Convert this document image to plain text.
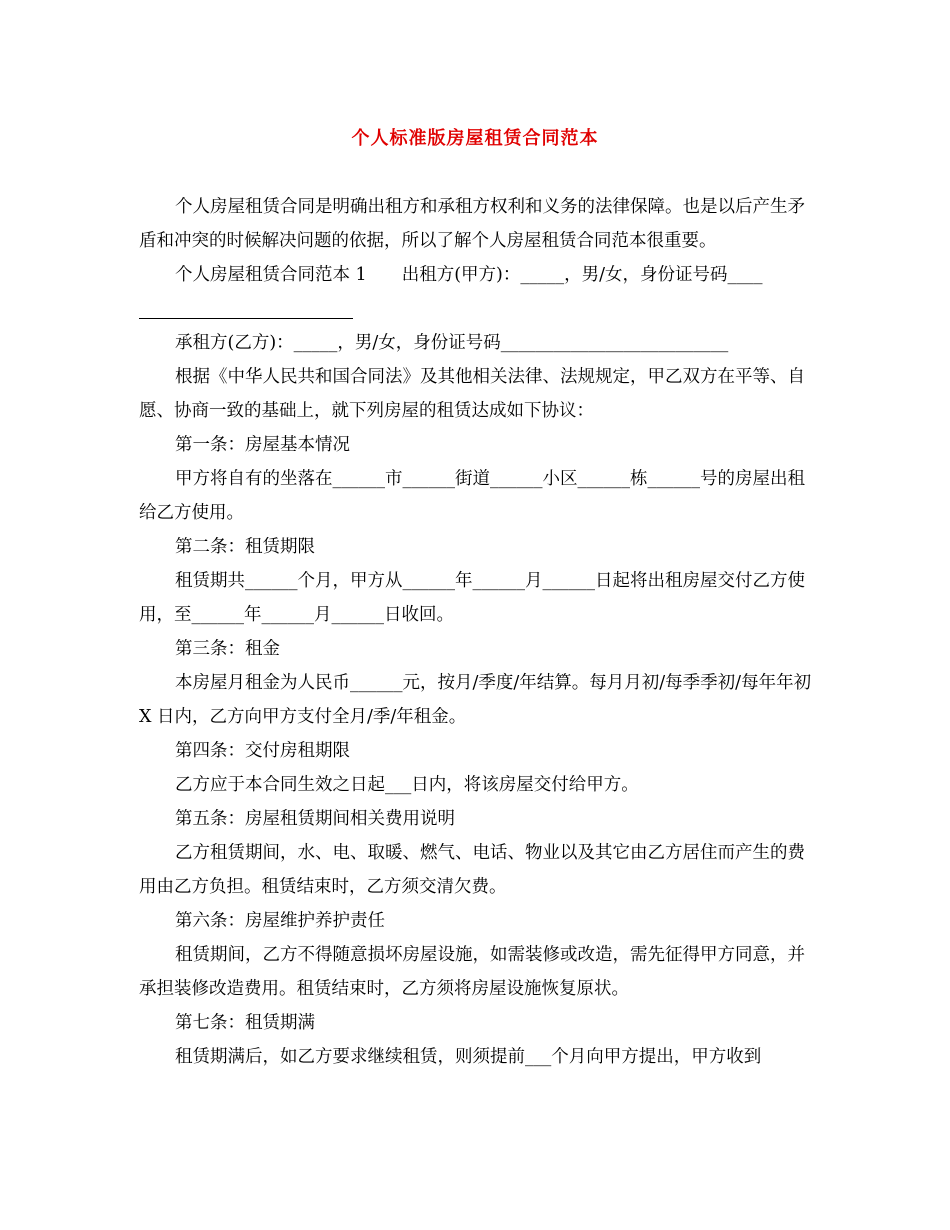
个人标准版房屋租赁合同范本

个人房屋租赁合同是明确出租方和承租方权利和义务的法律保障。也是以后产生矛盾和冲突的时候解决问题的依据，所以了解个人房屋租赁合同范本很重要。

个人房屋租赁合同范本 1　　出租方(甲方)：_____，男/女，身份证号码____

承租方(乙方)：_____，男/女，身份证号码__________________________

根据《中华人民共和国合同法》及其他相关法律、法规规定，甲乙双方在平等、自愿、协商一致的基础上，就下列房屋的租赁达成如下协议：

第一条：房屋基本情况

甲方将自有的坐落在______市______街道______小区______栋______号的房屋出租给乙方使用。

第二条：租赁期限

租赁期共______个月，甲方从______年______月______日起将出租房屋交付乙方使用，至______年______月______日收回。

第三条：租金

本房屋月租金为人民币______元，按月/季度/年结算。每月月初/每季季初/每年年初 X 日内，乙方向甲方支付全月/季/年租金。

第四条：交付房租期限

乙方应于本合同生效之日起___日内，将该房屋交付给甲方。

第五条：房屋租赁期间相关费用说明

乙方租赁期间，水、电、取暖、燃气、电话、物业以及其它由乙方居住而产生的费用由乙方负担。租赁结束时，乙方须交清欠费。

第六条：房屋维护养护责任

租赁期间，乙方不得随意损坏房屋设施，如需装修或改造，需先征得甲方同意，并承担装修改造费用。租赁结束时，乙方须将房屋设施恢复原状。

第七条：租赁期满

租赁期满后，如乙方要求继续租赁，则须提前___个月向甲方提出，甲方收到
